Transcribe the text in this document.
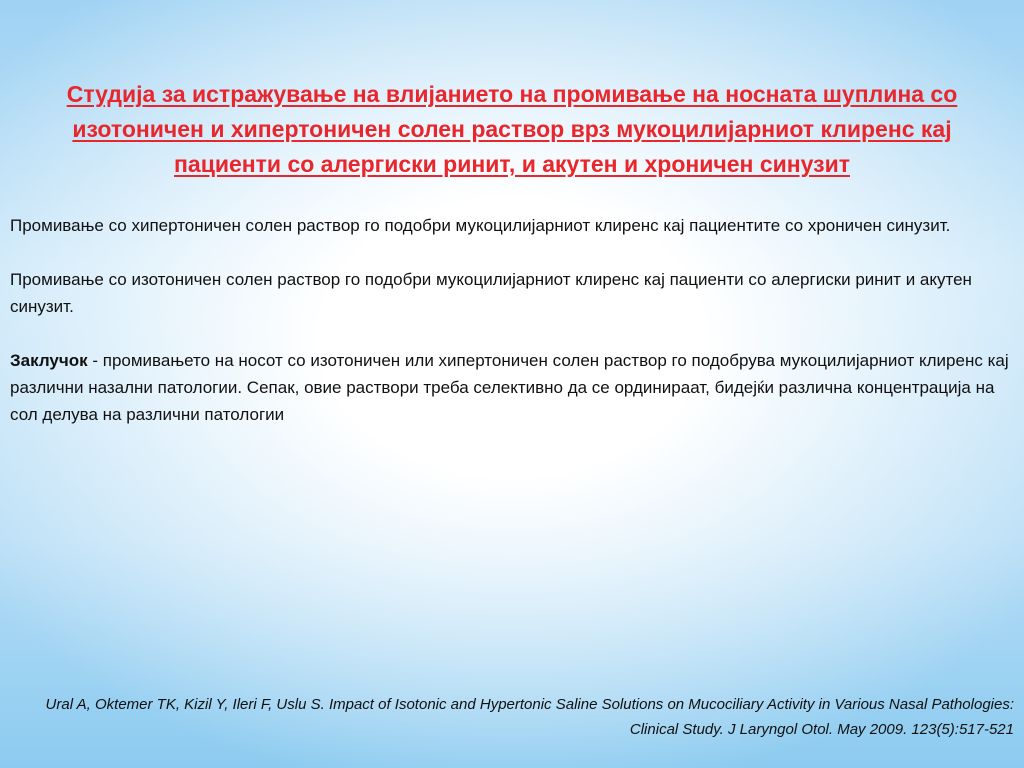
Студија за истражување на влијанието на промивање на носната шуплина со изотоничен и хипертоничен солен раствор врз мукоцилијарниот клиренс кај пациенти со алергиски ринит, и акутен и хроничен синузит

Промивање со хипертоничен солен раствор го подобри мукоцилијарниот клиренс кај пациентите со хроничен синузит.

Промивање со изотоничен солен раствор го подобри мукоцилијарниот клиренс кај пациенти со алергиски ринит и акутен синузит.

Заклучок - промивањето на носот со изотоничен или хипертоничен солен раствор го подобрува мукоцилијарниот клиренс кај различни назални патологии. Сепак, овие раствори треба селективно да се ординираат, бидејќи различна концентрација на сол делува на различни патологии

Ural A, Oktemer TK, Kizil Y, Ileri F, Uslu S. Impact of Isotonic and Hypertonic Saline Solutions on Mucociliary Activity in Various Nasal Pathologies: Clinical Study. J Laryngol Otol. May 2009. 123(5):517-521
